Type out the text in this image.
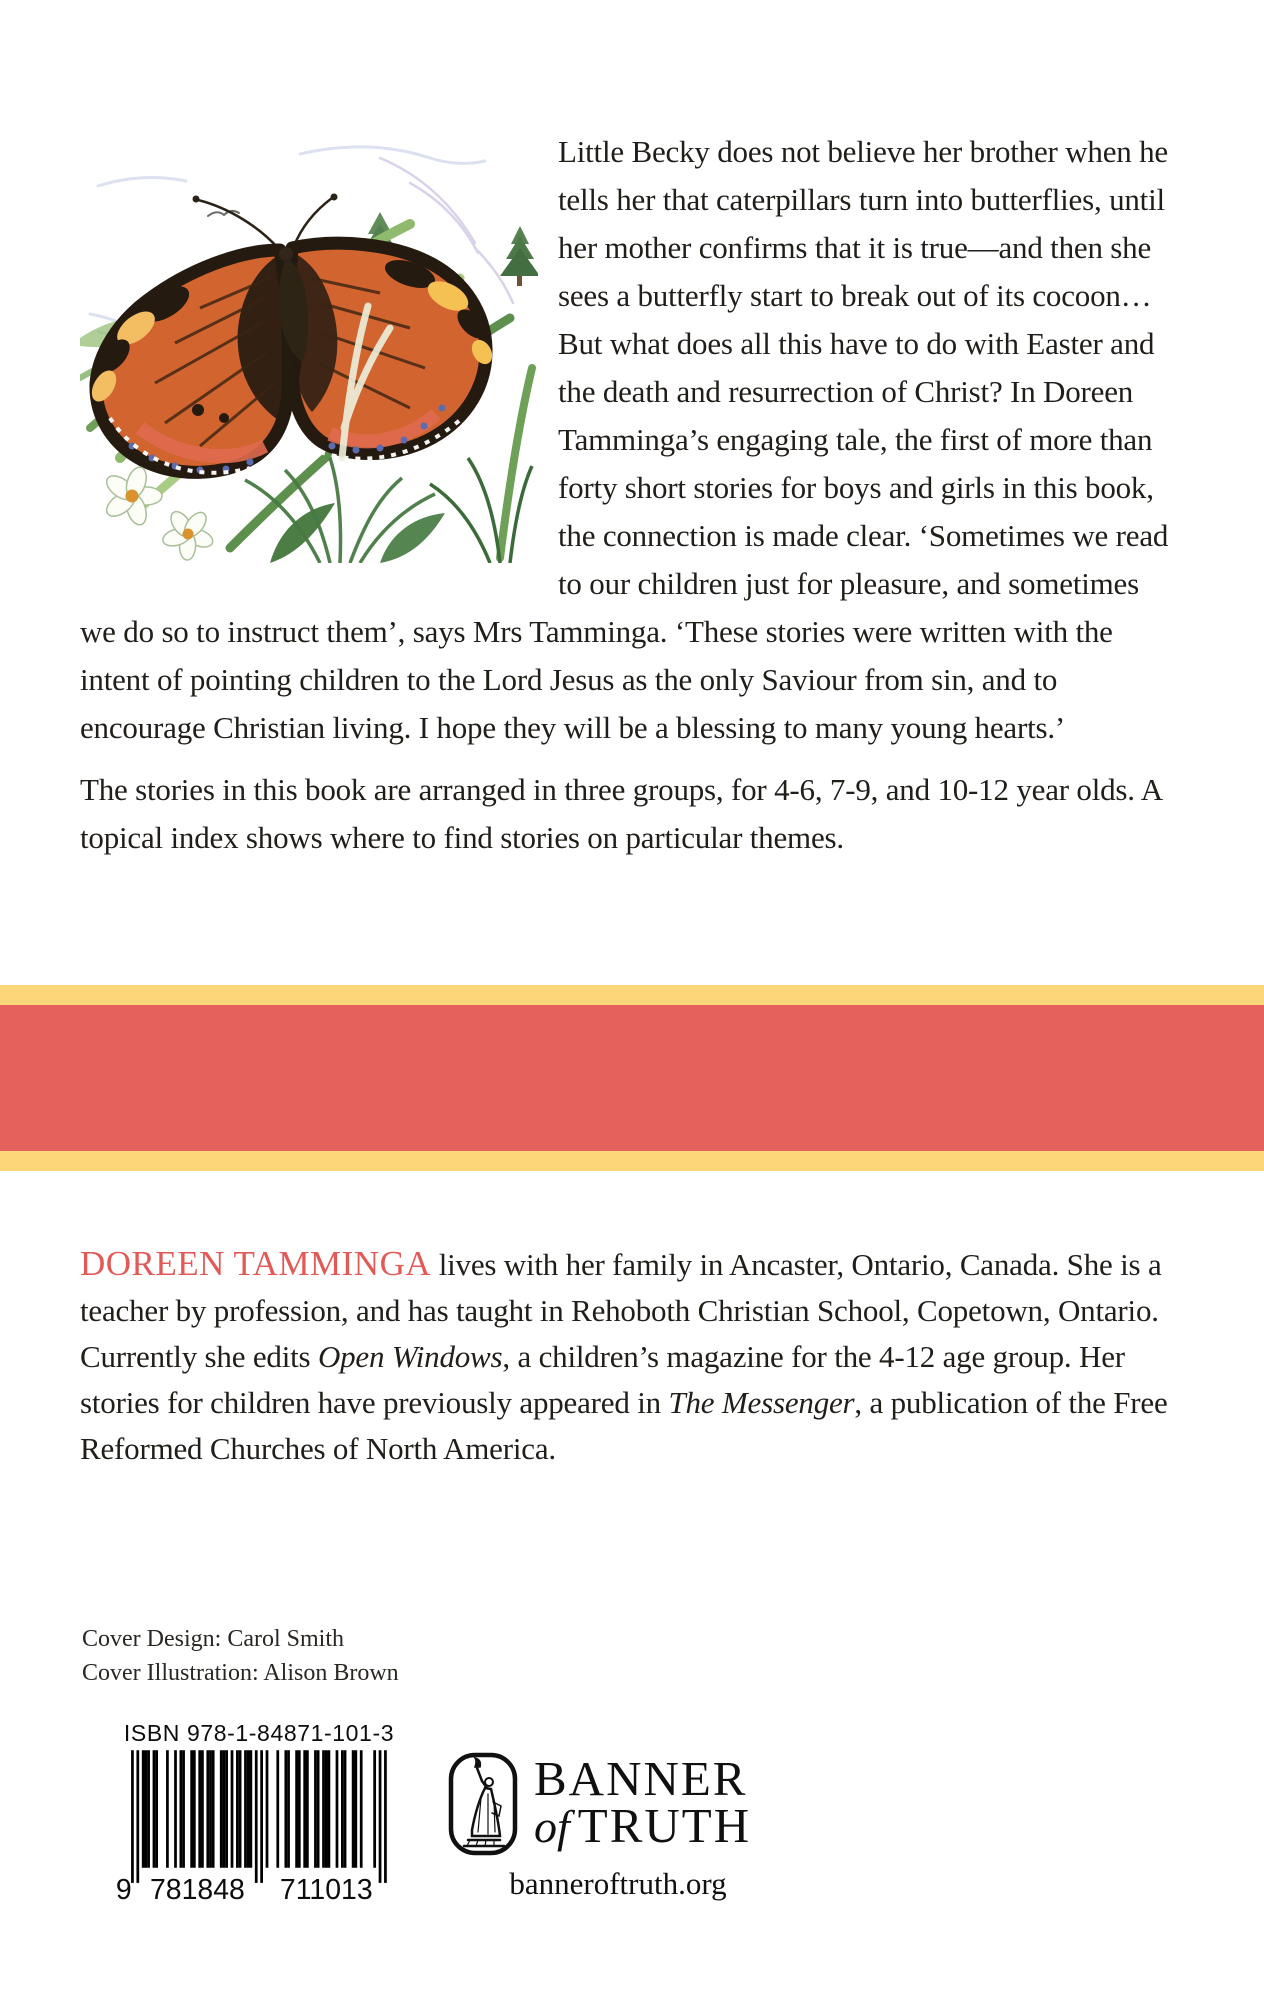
Little Becky does not believe her brother when he tells her that caterpillars turn into butterflies, until her mother confirms that it is true—and then she sees a butterfly start to break out of its cocoon… But what does all this have to do with Easter and the death and resurrection of Christ? In Doreen Tamminga’s engaging tale, the first of more than forty short stories for boys and girls in this book, the connection is made clear. ‘Sometimes we read to our children just for pleasure, and sometimes we do so to instruct them’, says Mrs Tamminga. ‘These stories were written with the intent of pointing children to the Lord Jesus as the only Saviour from sin, and to encourage Christian living. I hope they will be a blessing to many young hearts.’

The stories in this book are arranged in three groups, for 4-6, 7-9, and 10-12 year olds. A topical index shows where to find stories on particular themes.

DOREEN TAMMINGA lives with her family in Ancaster, Ontario, Canada. She is a teacher by profession, and has taught in Rehoboth Christian School, Copetown, Ontario. Currently she edits Open Windows, a children’s magazine for the 4-12 age group. Her stories for children have previously appeared in The Messenger, a publication of the Free Reformed Churches of North America.

Cover Design: Carol Smith
Cover Illustration: Alison Brown
ISBN 978-1-84871-101-3
9 781848 711013
BANNER
of TRUTH
banneroftruth.org
